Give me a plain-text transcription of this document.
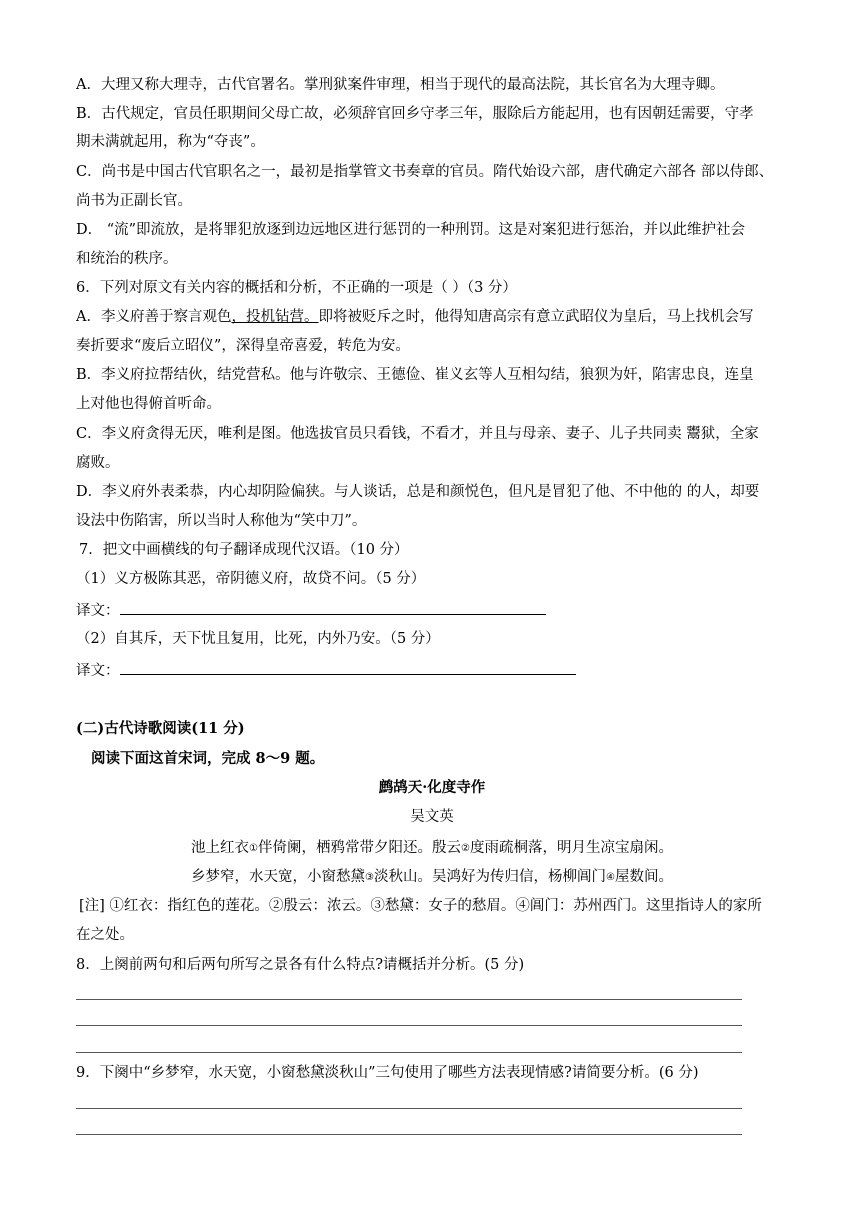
A．大理又称大理寺，古代官署名。掌刑狱案件审理，相当于现代的最高法院，其长官名为大理寺卿。
B．古代规定，官员任职期间父母亡故，必须辞官回乡守孝三年，服除后方能起用，也有因朝廷需要，守孝
期未满就起用，称为“夺丧”。
C．尚书是中国古代官职名之一，最初是指掌管文书奏章的官员。隋代始设六部，唐代确定六部各 部以侍郎、
尚书为正副长官。
D． “流”即流放，是将罪犯放逐到边远地区进行惩罚的一种刑罚。这是对案犯进行惩治，并以此维护社会
和统治的秩序。
6．下列对原文有关内容的概括和分析，不正确的一项是（ ）（3 分）
A．李义府善于察言观色，投机钻营。即将被贬斥之时，他得知唐高宗有意立武昭仪为皇后，马上找机会写
奏折要求“废后立昭仪”，深得皇帝喜爱，转危为安。
B．李义府拉帮结伙，结党营私。他与许敬宗、王德俭、崔义玄等人互相勾结，狼狈为奸，陷害忠良，连皇
上对他也得俯首听命。
C．李义府贪得无厌，唯利是图。他选拔官员只看钱，不看才，并且与母亲、妻子、儿子共同卖 鬻狱，全家
腐败。
D．李义府外表柔恭，内心却阴险偏狭。与人谈话，总是和颜悦色，但凡是冒犯了他、不中他的 的人，却要
设法中伤陷害，所以当时人称他为“笑中刀”。
7．把文中画横线的句子翻译成现代汉语。（10 分）
（1）义方极陈其恶，帝阴德义府，故贷不问。（5 分）
译文：
（2）自其斥，天下忧且复用，比死，内外乃安。（5 分）
译文：
(二)古代诗歌阅读(11 分)
阅读下面这首宋词，完成 8～9 题。
鹧鸪天·化度寺作
吴文英
池上红衣①伴倚阑，栖鸦常带夕阳还。殷云②度雨疏桐落，明月生凉宝扇闲。
乡梦窄，水天宽，小窗愁黛③淡秋山。吴鸿好为传归信，杨柳阊门④屋数间。
[注] ①红衣：指红色的莲花。②殷云：浓云。③愁黛：女子的愁眉。④阊门：苏州西门。这里指诗人的家所
在之处。
8．上阕前两句和后两句所写之景各有什么特点?请概括并分析。(5 分)
9．下阕中“乡梦窄，水天宽，小窗愁黛淡秋山”三句使用了哪些方法表现情感?请简要分析。(6 分)
